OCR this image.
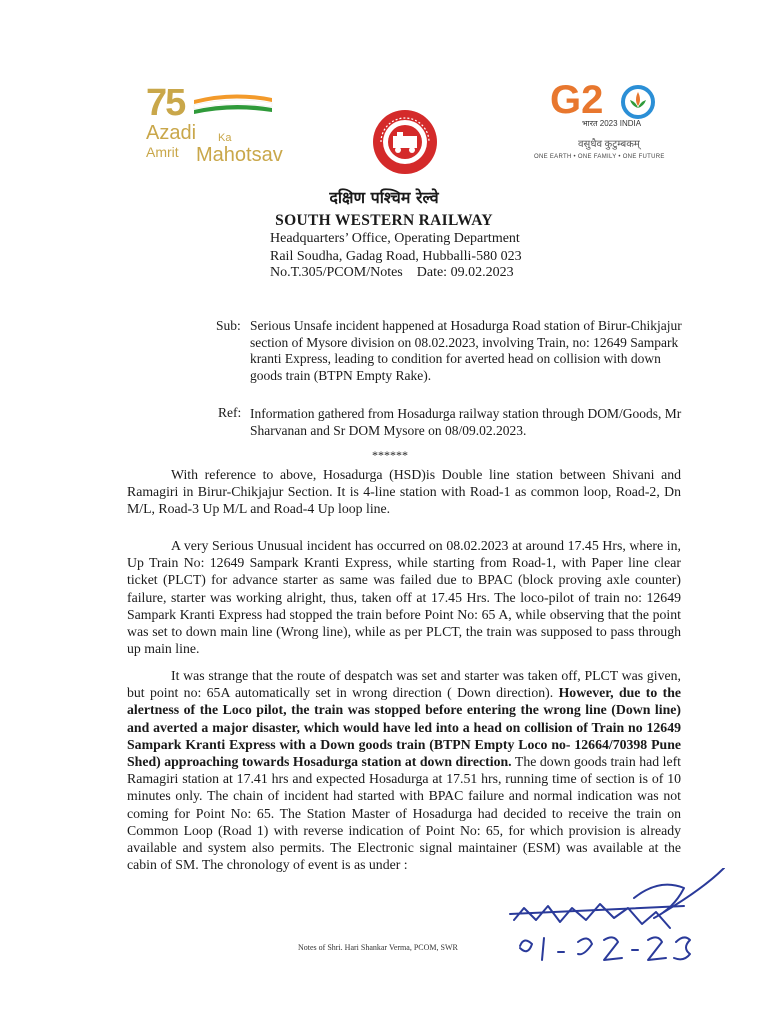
75
Azadi Ka
Amrit Mahotsav
G2
भारत 2023 INDIA
वसुधैव कुटुम्बकम्
ONE EARTH • ONE FAMILY • ONE FUTURE
दक्षिण पश्चिम रेल्वे
SOUTH WESTERN RAILWAY
Headquarters’ Office, Operating Department
Rail Soudha, Gadag Road, Hubballi-580 023
No.T.305/PCOM/Notes Date: 09.02.2023
Sub: Serious Unsafe incident happened at Hosadurga Road station of Birur-Chikjajur section of Mysore division on 08.02.2023, involving Train, no: 12649 Sampark kranti Express, leading to condition for averted head on collision with down goods train (BTPN Empty Rake).
Ref: Information gathered from Hosadurga railway station through DOM/Goods, Mr Sharvanan and Sr DOM Mysore on 08/09.02.2023.
******
With reference to above, Hosadurga (HSD)is Double line station between Shivani and Ramagiri in Birur-Chikjajur Section. It is 4-line station with Road-1 as common loop, Road-2, Dn M/L, Road-3 Up M/L and Road-4 Up loop line.
A very Serious Unusual incident has occurred on 08.02.2023 at around 17.45 Hrs, where in, Up Train No: 12649 Sampark Kranti Express, while starting from Road-1, with Paper line clear ticket (PLCT) for advance starter as same was failed due to BPAC (block proving axle counter) failure, starter was working alright, thus, taken off at 17.45 Hrs. The loco-pilot of train no: 12649 Sampark Kranti Express had stopped the train before Point No: 65 A, while observing that the point was set to down main line (Wrong line), while as per PLCT, the train was supposed to pass through up main line.
It was strange that the route of despatch was set and starter was taken off, PLCT was given, but point no: 65A automatically set in wrong direction ( Down direction). However, due to the alertness of the Loco pilot, the train was stopped before entering the wrong line (Down line) and averted a major disaster, which would have led into a head on collision of Train no 12649 Sampark Kranti Express with a Down goods train (BTPN Empty Loco no- 12664/70398 Pune Shed) approaching towards Hosadurga station at down direction. The down goods train had left Ramagiri station at 17.41 hrs and expected Hosadurga at 17.51 hrs, running time of section is of 10 minutes only. The chain of incident had started with BPAC failure and normal indication was not coming for Point No: 65. The Station Master of Hosadurga had decided to receive the train on Common Loop (Road 1) with reverse indication of Point No: 65, for which provision is already available and system also permits. The Electronic signal maintainer (ESM) was available at the cabin of SM. The chronology of event is as under :
Notes of Shri. Hari Shankar Verma, PCOM, SWR
